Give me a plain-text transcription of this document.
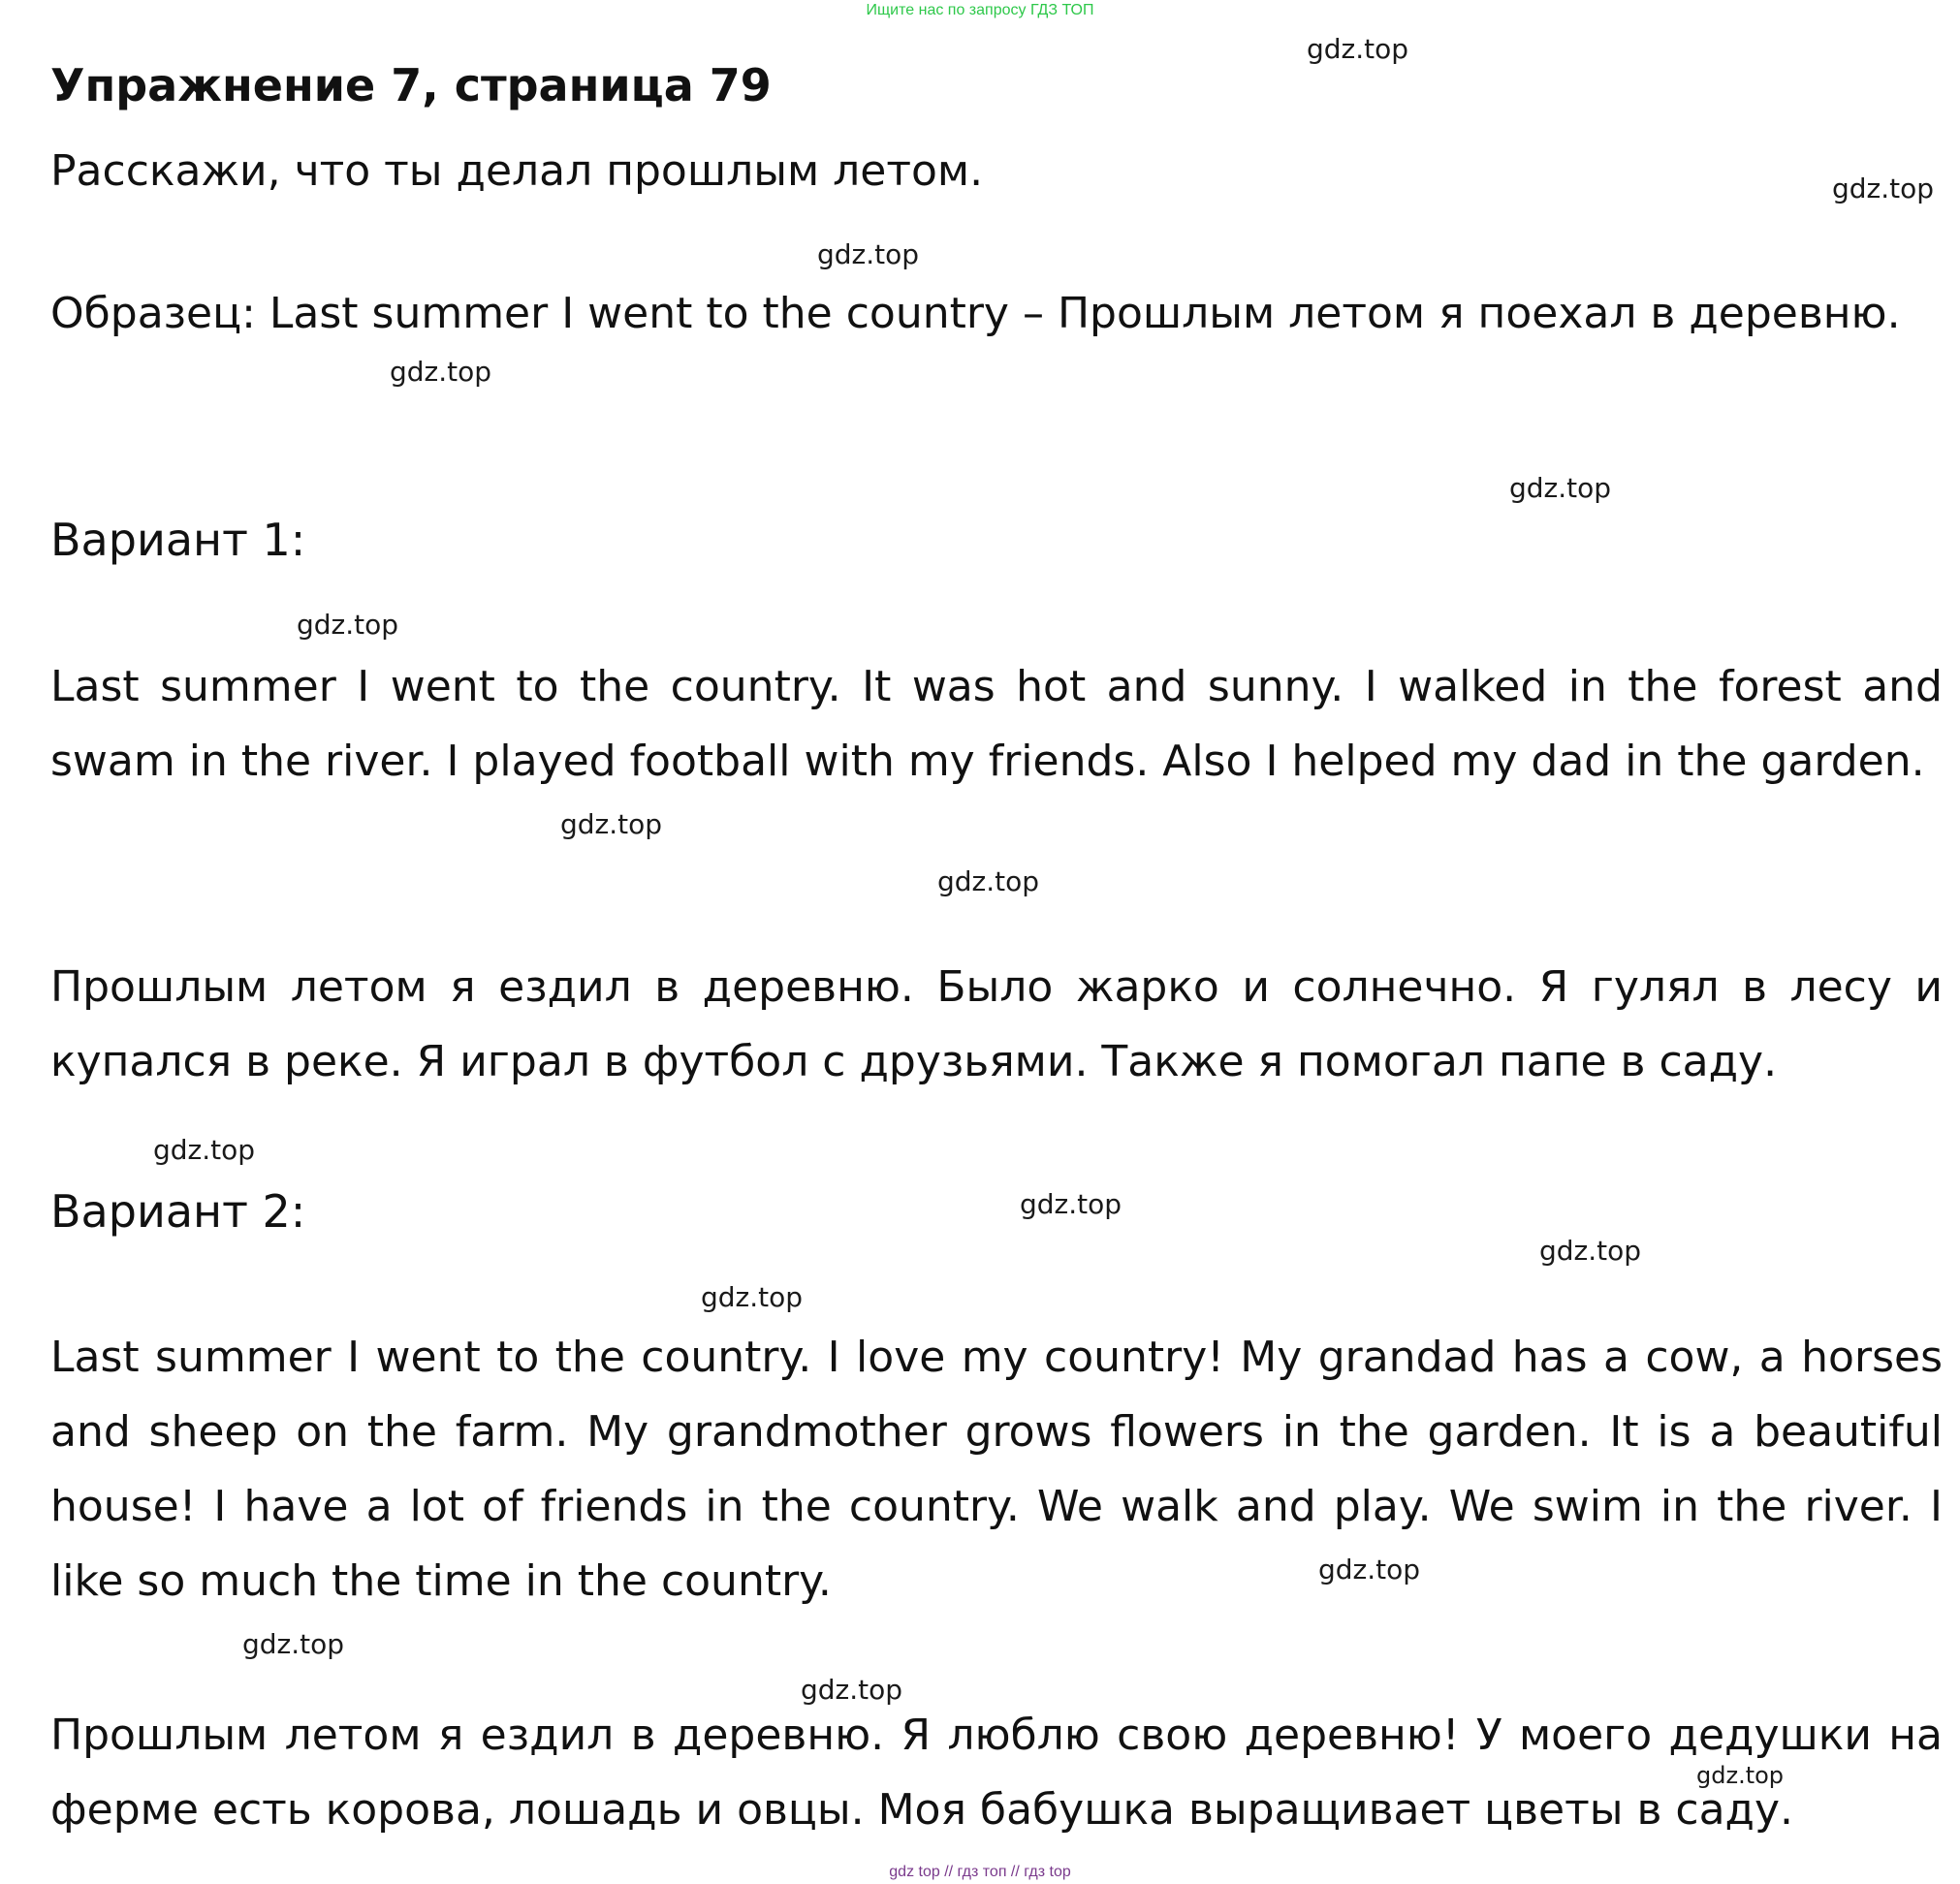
Ищите нас по запросу ГДЗ ТОП
Упражнение 7, страница 79
Расскажи, что ты делал прошлым летом.
Образец: Last summer I went to the country – Прошлым летом я поехал в деревню.
Вариант 1:
Last summer I went to the country. It was hot and sunny. I walked in the forest and swam in the river. I played football with my friends. Also I helped my dad in the garden.
Прошлым летом я ездил в деревню. Было жарко и солнечно. Я гулял в лесу и купался в реке. Я играл в футбол с друзьями. Также я помогал папе в саду.
Вариант 2:
Last summer I went to the country. I love my country! My grandad has a cow, a horses and sheep on the farm. My grandmother grows flowers in the garden. It is a beautiful house! I have a lot of friends in the country. We walk and play. We swim in the river. I like so much the time in the country.
Прошлым летом я ездил в деревню. Я люблю свою деревню! У моего дедушки на ферме есть корова, лошадь и овцы. Моя бабушка выращивает цветы в саду.
gdz.top
gdz.top
gdz.top
gdz.top
gdz.top
gdz.top
gdz.top
gdz.top
gdz.top
gdz.top
gdz.top
gdz.top
gdz.top
gdz.top
gdz.top
gdz.top
gdz top // гдз топ // гдз top
